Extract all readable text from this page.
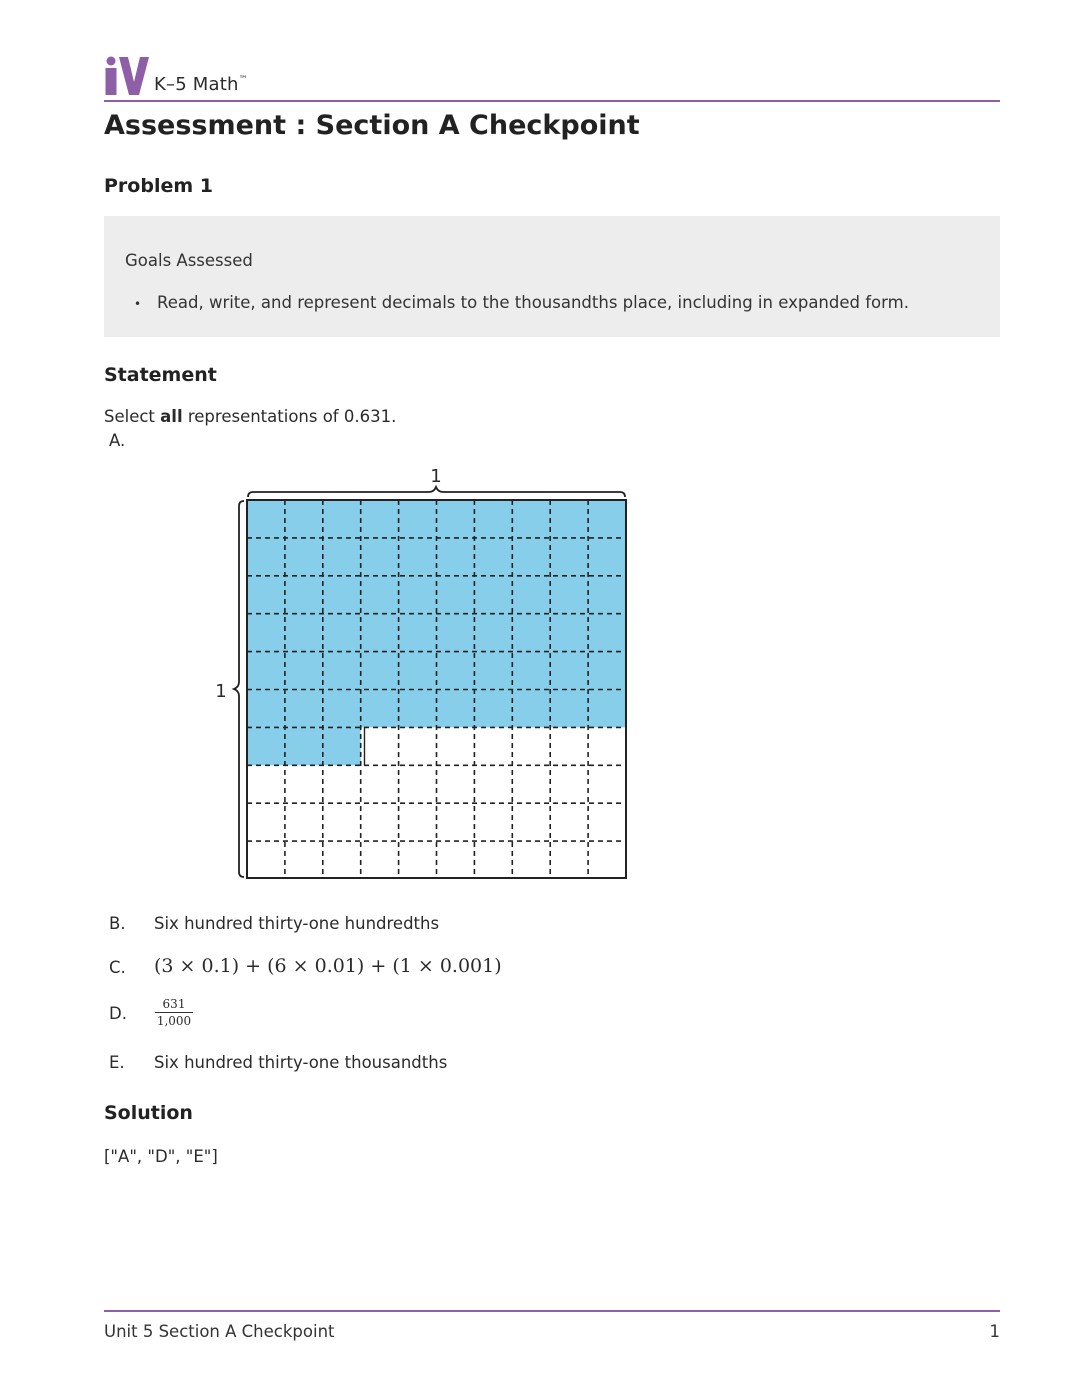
K–5 Math™
Assessment : Section A Checkpoint
Problem 1
Goals Assessed
• Read, write, and represent decimals to the thousandths place, including in expanded form.
Statement
Select all representations of 0.631.
A.
1
1
B. Six hundred thirty-one hundredths
C. (3 × 0.1) + (6 × 0.01) + (1 × 0.001)
D. $\frac{631}{1,000}$
E. Six hundred thirty-one thousandths
Solution
["A", "D", "E"]
Unit 5 Section A Checkpoint	1
